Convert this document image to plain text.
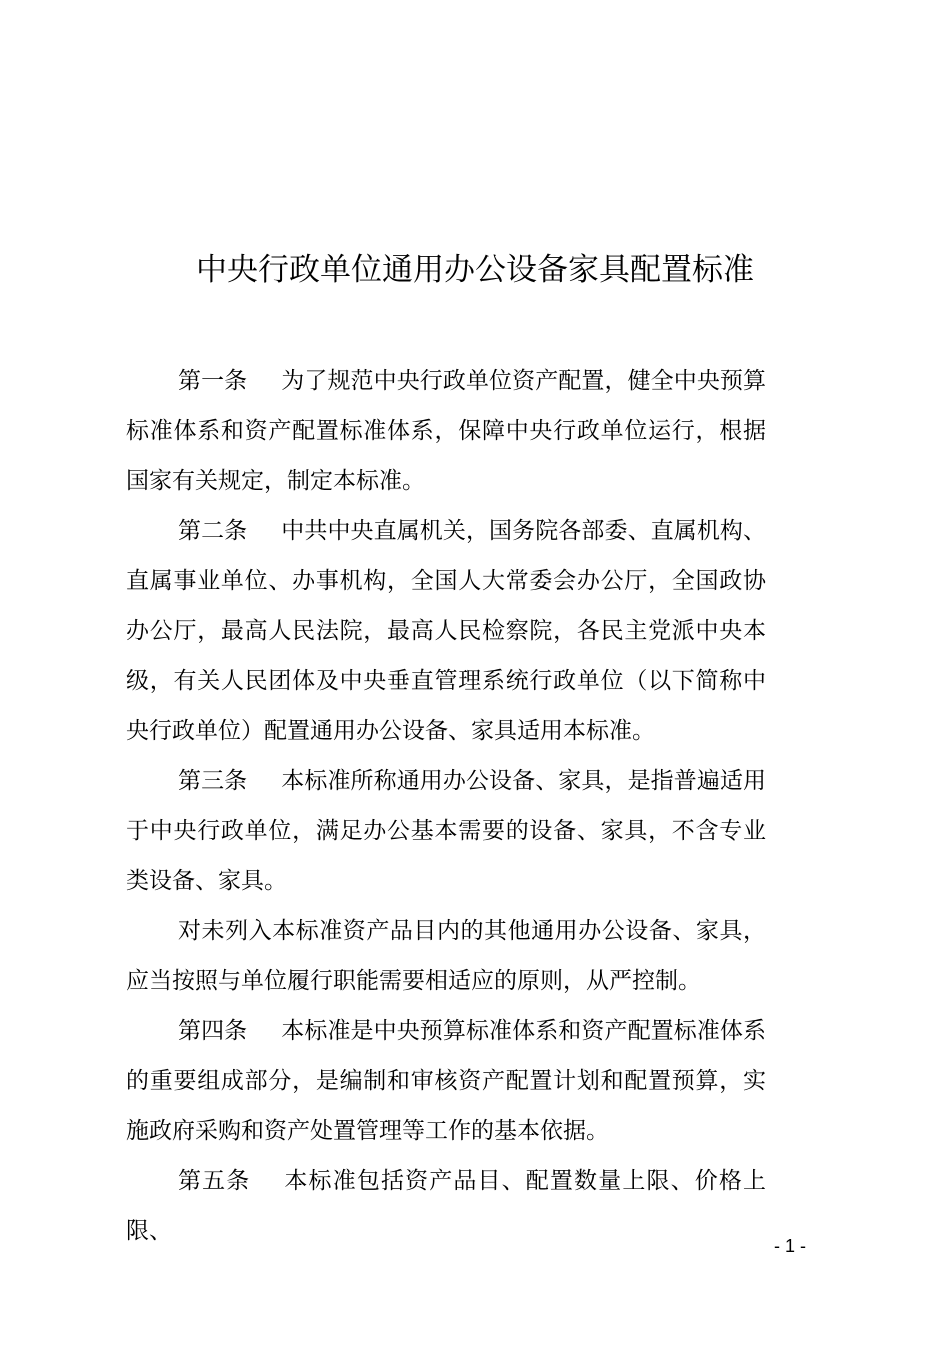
中央行政单位通用办公设备家具配置标准

第一条 为了规范中央行政单位资产配置，健全中央预算标准体系和资产配置标准体系，保障中央行政单位运行，根据国家有关规定，制定本标准。

第二条 中共中央直属机关，国务院各部委、直属机构、直属事业单位、办事机构，全国人大常委会办公厅，全国政协办公厅，最高人民法院，最高人民检察院，各民主党派中央本级，有关人民团体及中央垂直管理系统行政单位（以下简称中央行政单位）配置通用办公设备、家具适用本标准。

第三条 本标准所称通用办公设备、家具，是指普遍适用于中央行政单位，满足办公基本需要的设备、家具，不含专业类设备、家具。

对未列入本标准资产品目内的其他通用办公设备、家具，应当按照与单位履行职能需要相适应的原则，从严控制。

第四条 本标准是中央预算标准体系和资产配置标准体系的重要组成部分，是编制和审核资产配置计划和配置预算，实施政府采购和资产处置管理等工作的基本依据。

第五条 本标准包括资产品目、配置数量上限、价格上限、

- 1 -
